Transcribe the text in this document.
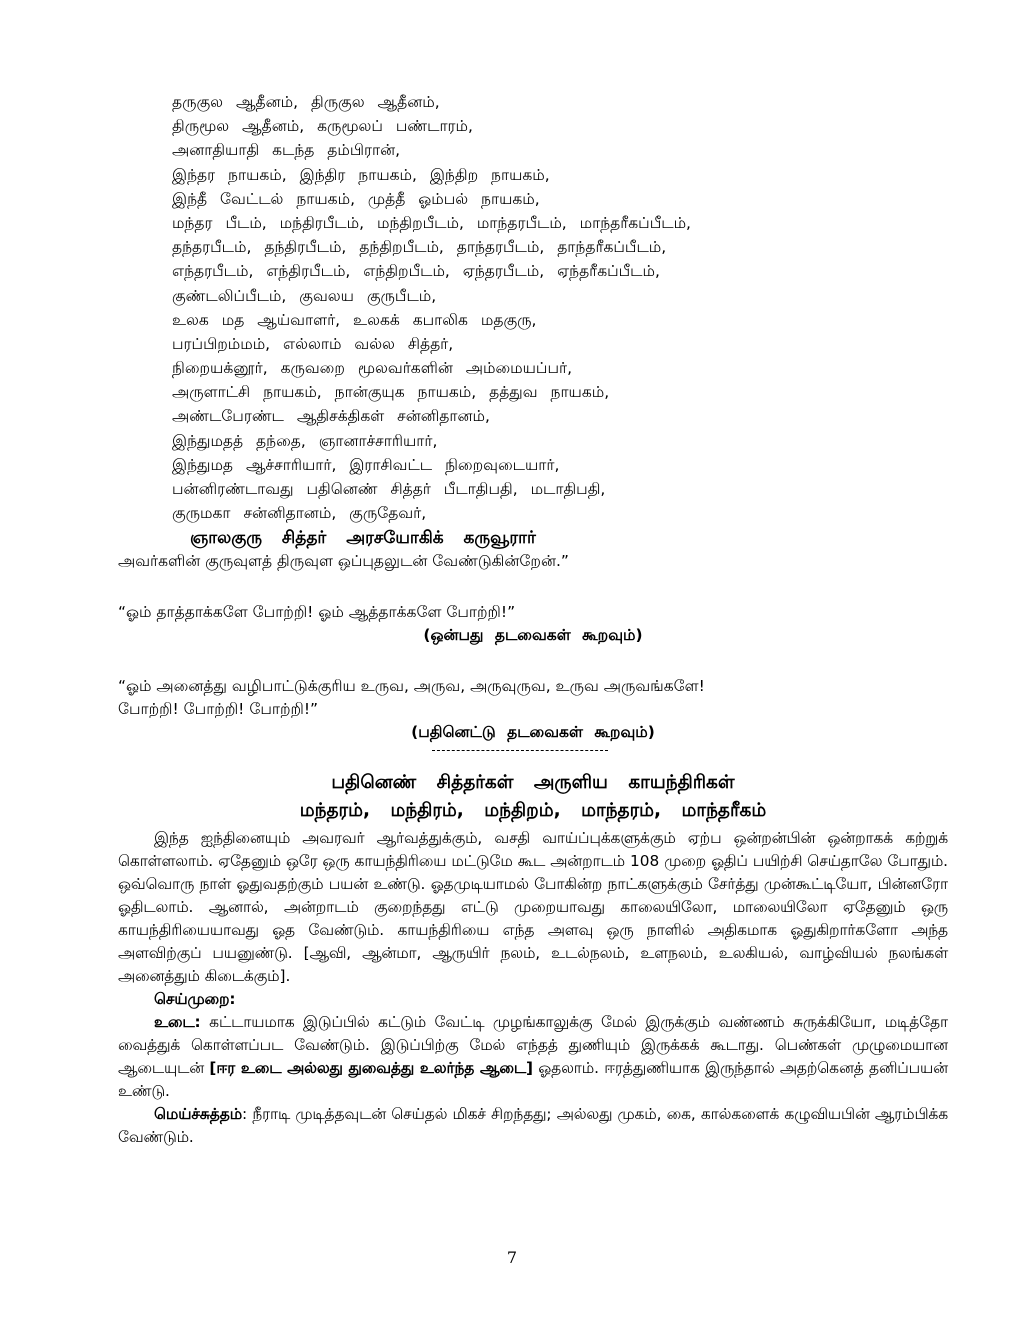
தருகுல ஆதீனம், திருகுல ஆதீனம்,
திருமூல ஆதீனம், கருமூலப் பண்டாரம்,
அனாதியாதி கடந்த தம்பிரான்,
இந்தர நாயகம், இந்திர நாயகம், இந்திற நாயகம்,
இந்தீ வேட்டல் நாயகம், முத்தீ ஓம்பல் நாயகம்,
மந்தர பீடம், மந்திரபீடம், மந்திறபீடம், மாந்தரபீடம், மாந்தரீகப்பீடம்,
தந்தரபீடம், தந்திரபீடம், தந்திறபீடம், தாந்தரபீடம், தாந்தரீகப்பீடம்,
எந்தரபீடம், எந்திரபீடம், எந்திறபீடம், ஏந்தரபீடம், ஏந்தரீகப்பீடம்,
குண்டலிப்பீடம், குவலய குருபீடம்,
உலக மத ஆய்வாளர், உலகக் கபாலிக மதகுரு,
பரப்பிறம்மம், எல்லாம் வல்ல சித்தர்,
நிறையக்னூர், கருவறை மூலவர்களின் அம்மையப்பர்,
அருளாட்சி நாயகம், நான்குயுக நாயகம், தத்துவ நாயகம்,
அண்டபேரண்ட ஆதிசக்திகள் சன்னிதானம்,
இந்துமதத் தந்தை, ஞானாச்சாரியார்,
இந்துமத ஆச்சாரியார், இராசிவட்ட நிறைவுடையார்,
பன்னிரண்டாவது பதினெண் சித்தர் பீடாதிபதி, மடாதிபதி,
குருமகா சன்னிதானம், குருதேவர்,
ஞாலகுரு சித்தர் அரசயோகிக் கருவூரார்
அவர்களின் குருவுளத் திருவுள ஒப்புதலுடன் வேண்டுகின்றேன்.”
“ஓம் தாத்தாக்களே போற்றி! ஓம் ஆத்தாக்களே போற்றி!”
(ஒன்பது தடவைகள் கூறவும்)
“ஓம் அனைத்து வழிபாட்டுக்குரிய உருவ, அருவ, அருவுருவ, உருவ அருவங்களே!
போற்றி! போற்றி! போற்றி!”
(பதினெட்டு தடவைகள் கூறவும்)
பதினெண் சித்தர்கள் அருளிய காயந்திரிகள்
மந்தரம், மந்திரம், மந்திறம், மாந்தரம், மாந்தரீகம்

இந்த ஐந்தினையும் அவரவர் ஆர்வத்துக்கும், வசதி வாய்ப்புக்களுக்கும் ஏற்ப ஒன்றன்பின் ஒன்றாகக் கற்றுக் கொள்ளலாம். ஏதேனும் ஒரே ஒரு காயந்திரியை மட்டுமே கூட அன்றாடம் 108 முறை ஓதிப் பயிற்சி செய்தாலே போதும். ஒவ்வொரு நாள் ஓதுவதற்கும் பயன் உண்டு. ஓதமுடியாமல் போகின்ற நாட்களுக்கும் சேர்த்து முன்கூட்டியோ, பின்னரோ ஓதிடலாம். ஆனால், அன்றாடம் குறைந்தது எட்டு முறையாவது காலையிலோ, மாலையிலோ ஏதேனும் ஒரு காயந்திரியையாவது ஓத வேண்டும். காயந்திரியை எந்த அளவு ஒரு நாளில் அதிகமாக ஓதுகிறார்களோ அந்த அளவிற்குப் பயனுண்டு. [ஆவி, ஆன்மா, ஆருயிர் நலம், உடல்நலம், உளநலம், உலகியல், வாழ்வியல் நலங்கள் அனைத்தும் கிடைக்கும்].

செய்முறை:

உடை: கட்டாயமாக இடுப்பில் கட்டும் வேட்டி முழங்காலுக்கு மேல் இருக்கும் வண்ணம் சுருக்கியோ, மடித்தோ வைத்துக் கொள்ளப்பட வேண்டும். இடுப்பிற்கு மேல் எந்தத் துணியும் இருக்கக் கூடாது. பெண்கள் முழுமையான ஆடையுடன் [ஈர உடை அல்லது துவைத்து உலர்ந்த ஆடை] ஓதலாம். ஈரத்துணியாக இருந்தால் அதற்கெனத் தனிப்பயன் உண்டு.

மெய்ச்சுத்தம்: நீராடி முடித்தவுடன் செய்தல் மிகச் சிறந்தது; அல்லது முகம், கை, கால்களைக் கழுவியபின் ஆரம்பிக்க வேண்டும்.

7
